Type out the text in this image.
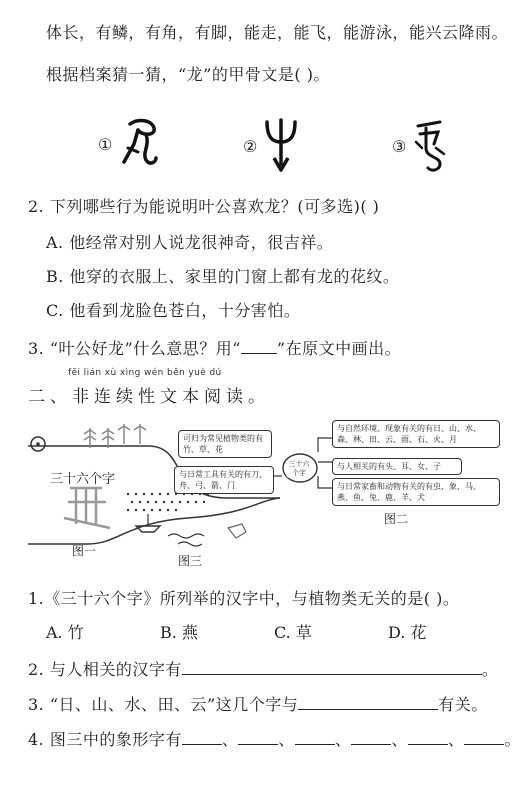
体长，有鳞，有角，有脚，能走，能飞，能游泳，能兴云降雨。
根据档案猜一猜，“龙”的甲骨文是( )。
①	②	③
2. 下列哪些行为能说明叶公喜欢龙？(可多选)( )
A. 他经常对别人说龙很神奇，很吉祥。
B. 他穿的衣服上、家里的门窗上都有龙的花纹。
C. 他看到龙脸色苍白，十分害怕。
3. “叶公好龙”什么意思？用“ ”在原文中画出。
fēi lián xù xìng wén běn yuè dú
二、非连续性文本阅读。
三十六个字
可归为常见植物类的有竹、草、花
与日常工具有关的有刀、舟、弓、箭、门
三十六个字
与自然环境、现象有关的有日、山、水、森、林、田、云、雨、石、火、月
与人相关的有头、耳、女、子
与日常家畜和动物有关的有虫、象、马、燕、鱼、兔、鹿、羊、犬
图一
图二
图三
1.《三十六个字》所列举的汉字中，与植物类无关的是( )。
A. 竹	B. 燕	C. 草	D. 花
2. 与人相关的汉字有	。
3. “日、山、水、田、云”这几个字与	有关。
4. 图三中的象形字有	、	、	、	、	、	。
